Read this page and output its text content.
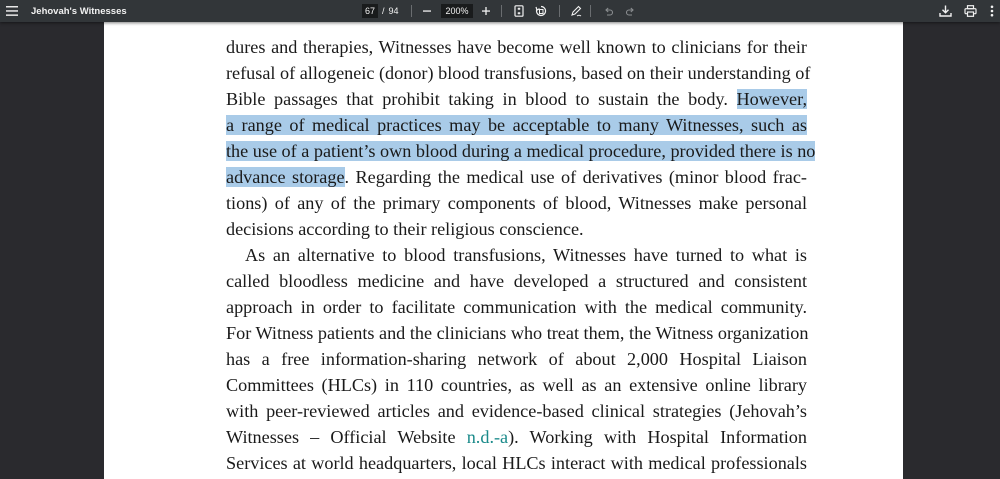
Jehovah's Witnesses
67	/ 94	200%
dures and therapies, Witnesses have become well known to clinicians for their
refusal of allogeneic (donor) blood transfusions, based on their understanding of
Bible passages that prohibit taking in blood to sustain the body. However,
a range of medical practices may be acceptable to many Witnesses, such as
the use of a patient’s own blood during a medical procedure, provided there is no
advance storage. Regarding the medical use of derivatives (minor blood frac-
tions) of any of the primary components of blood, Witnesses make personal
decisions according to their religious conscience.
As an alternative to blood transfusions, Witnesses have turned to what is
called bloodless medicine and have developed a structured and consistent
approach in order to facilitate communication with the medical community.
For Witness patients and the clinicians who treat them, the Witness organization
has a free information-sharing network of about 2,000 Hospital Liaison
Committees (HLCs) in 110 countries, as well as an extensive online library
with peer-reviewed articles and evidence-based clinical strategies (Jehovah’s
Witnesses – Official Website n.d.-a). Working with Hospital Information
Services at world headquarters, local HLCs interact with medical professionals
